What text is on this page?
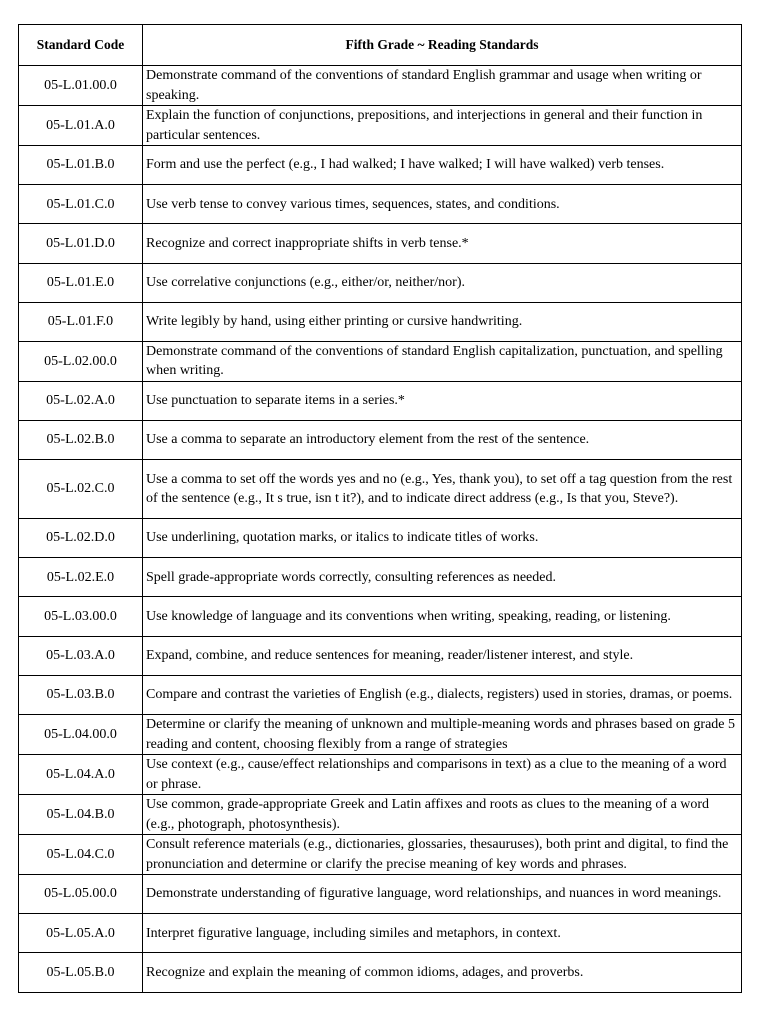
Standard Code	Fifth Grade ~ Reading Standards
05-L.01.00.0	Demonstrate command of the conventions of standard English grammar and usage when writing or speaking.
05-L.01.A.0	Explain the function of conjunctions, prepositions, and interjections in general and their function in particular sentences.
05-L.01.B.0	Form and use the perfect (e.g., I had walked; I have walked; I will have walked) verb tenses.
05-L.01.C.0	Use verb tense to convey various times, sequences, states, and conditions.
05-L.01.D.0	Recognize and correct inappropriate shifts in verb tense.*
05-L.01.E.0	Use correlative conjunctions (e.g., either/or, neither/nor).
05-L.01.F.0	Write legibly by hand, using either printing or cursive handwriting.
05-L.02.00.0	Demonstrate command of the conventions of standard English capitalization, punctuation, and spelling when writing.
05-L.02.A.0	Use punctuation to separate items in a series.*
05-L.02.B.0	Use a comma to separate an introductory element from the rest of the sentence.
05-L.02.C.0	Use a comma to set off the words yes and no (e.g., Yes, thank you), to set off a tag question from the rest of the sentence (e.g., It s true, isn t it?), and to indicate direct address (e.g., Is that you, Steve?).
05-L.02.D.0	Use underlining, quotation marks, or italics to indicate titles of works.
05-L.02.E.0	Spell grade-appropriate words correctly, consulting references as needed.
05-L.03.00.0	Use knowledge of language and its conventions when writing, speaking, reading, or listening.
05-L.03.A.0	Expand, combine, and reduce sentences for meaning, reader/listener interest, and style.
05-L.03.B.0	Compare and contrast the varieties of English (e.g., dialects, registers) used in stories, dramas, or poems.
05-L.04.00.0	Determine or clarify the meaning of unknown and multiple-meaning words and phrases based on grade 5 reading and content, choosing flexibly from a range of strategies
05-L.04.A.0	Use context (e.g., cause/effect relationships and comparisons in text) as a clue to the meaning of a word or phrase.
05-L.04.B.0	Use common, grade-appropriate Greek and Latin affixes and roots as clues to the meaning of a word (e.g., photograph, photosynthesis).
05-L.04.C.0	Consult reference materials (e.g., dictionaries, glossaries, thesauruses), both print and digital, to find the pronunciation and determine or clarify the precise meaning of key words and phrases.
05-L.05.00.0	Demonstrate understanding of figurative language, word relationships, and nuances in word meanings.
05-L.05.A.0	Interpret figurative language, including similes and metaphors, in context.
05-L.05.B.0	Recognize and explain the meaning of common idioms, adages, and proverbs.
